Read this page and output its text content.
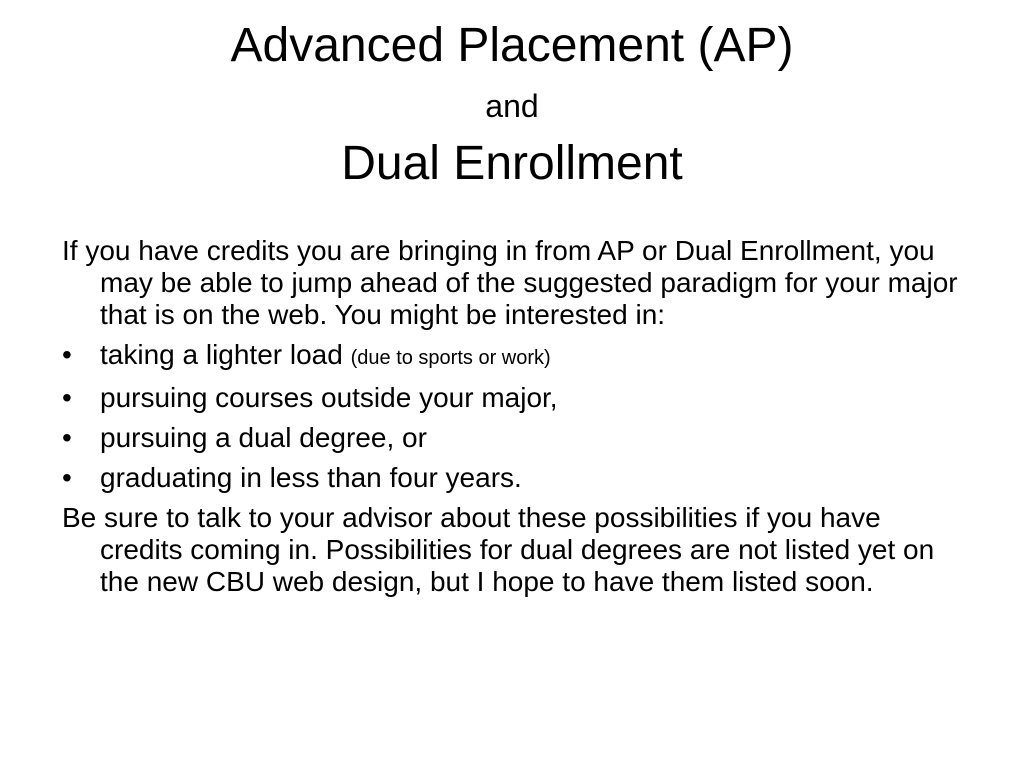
Advanced Placement (AP)
and
Dual Enrollment

If you have credits you are bringing in from AP or Dual Enrollment, you may be able to jump ahead of the suggested paradigm for your major that is on the web. You might be interested in:

•	taking a lighter load (due to sports or work)
•	pursuing courses outside your major,
•	pursuing a dual degree, or
•	graduating in less than four years.

Be sure to talk to your advisor about these possibilities if you have credits coming in. Possibilities for dual degrees are not listed yet on the new CBU web design, but I hope to have them listed soon.
